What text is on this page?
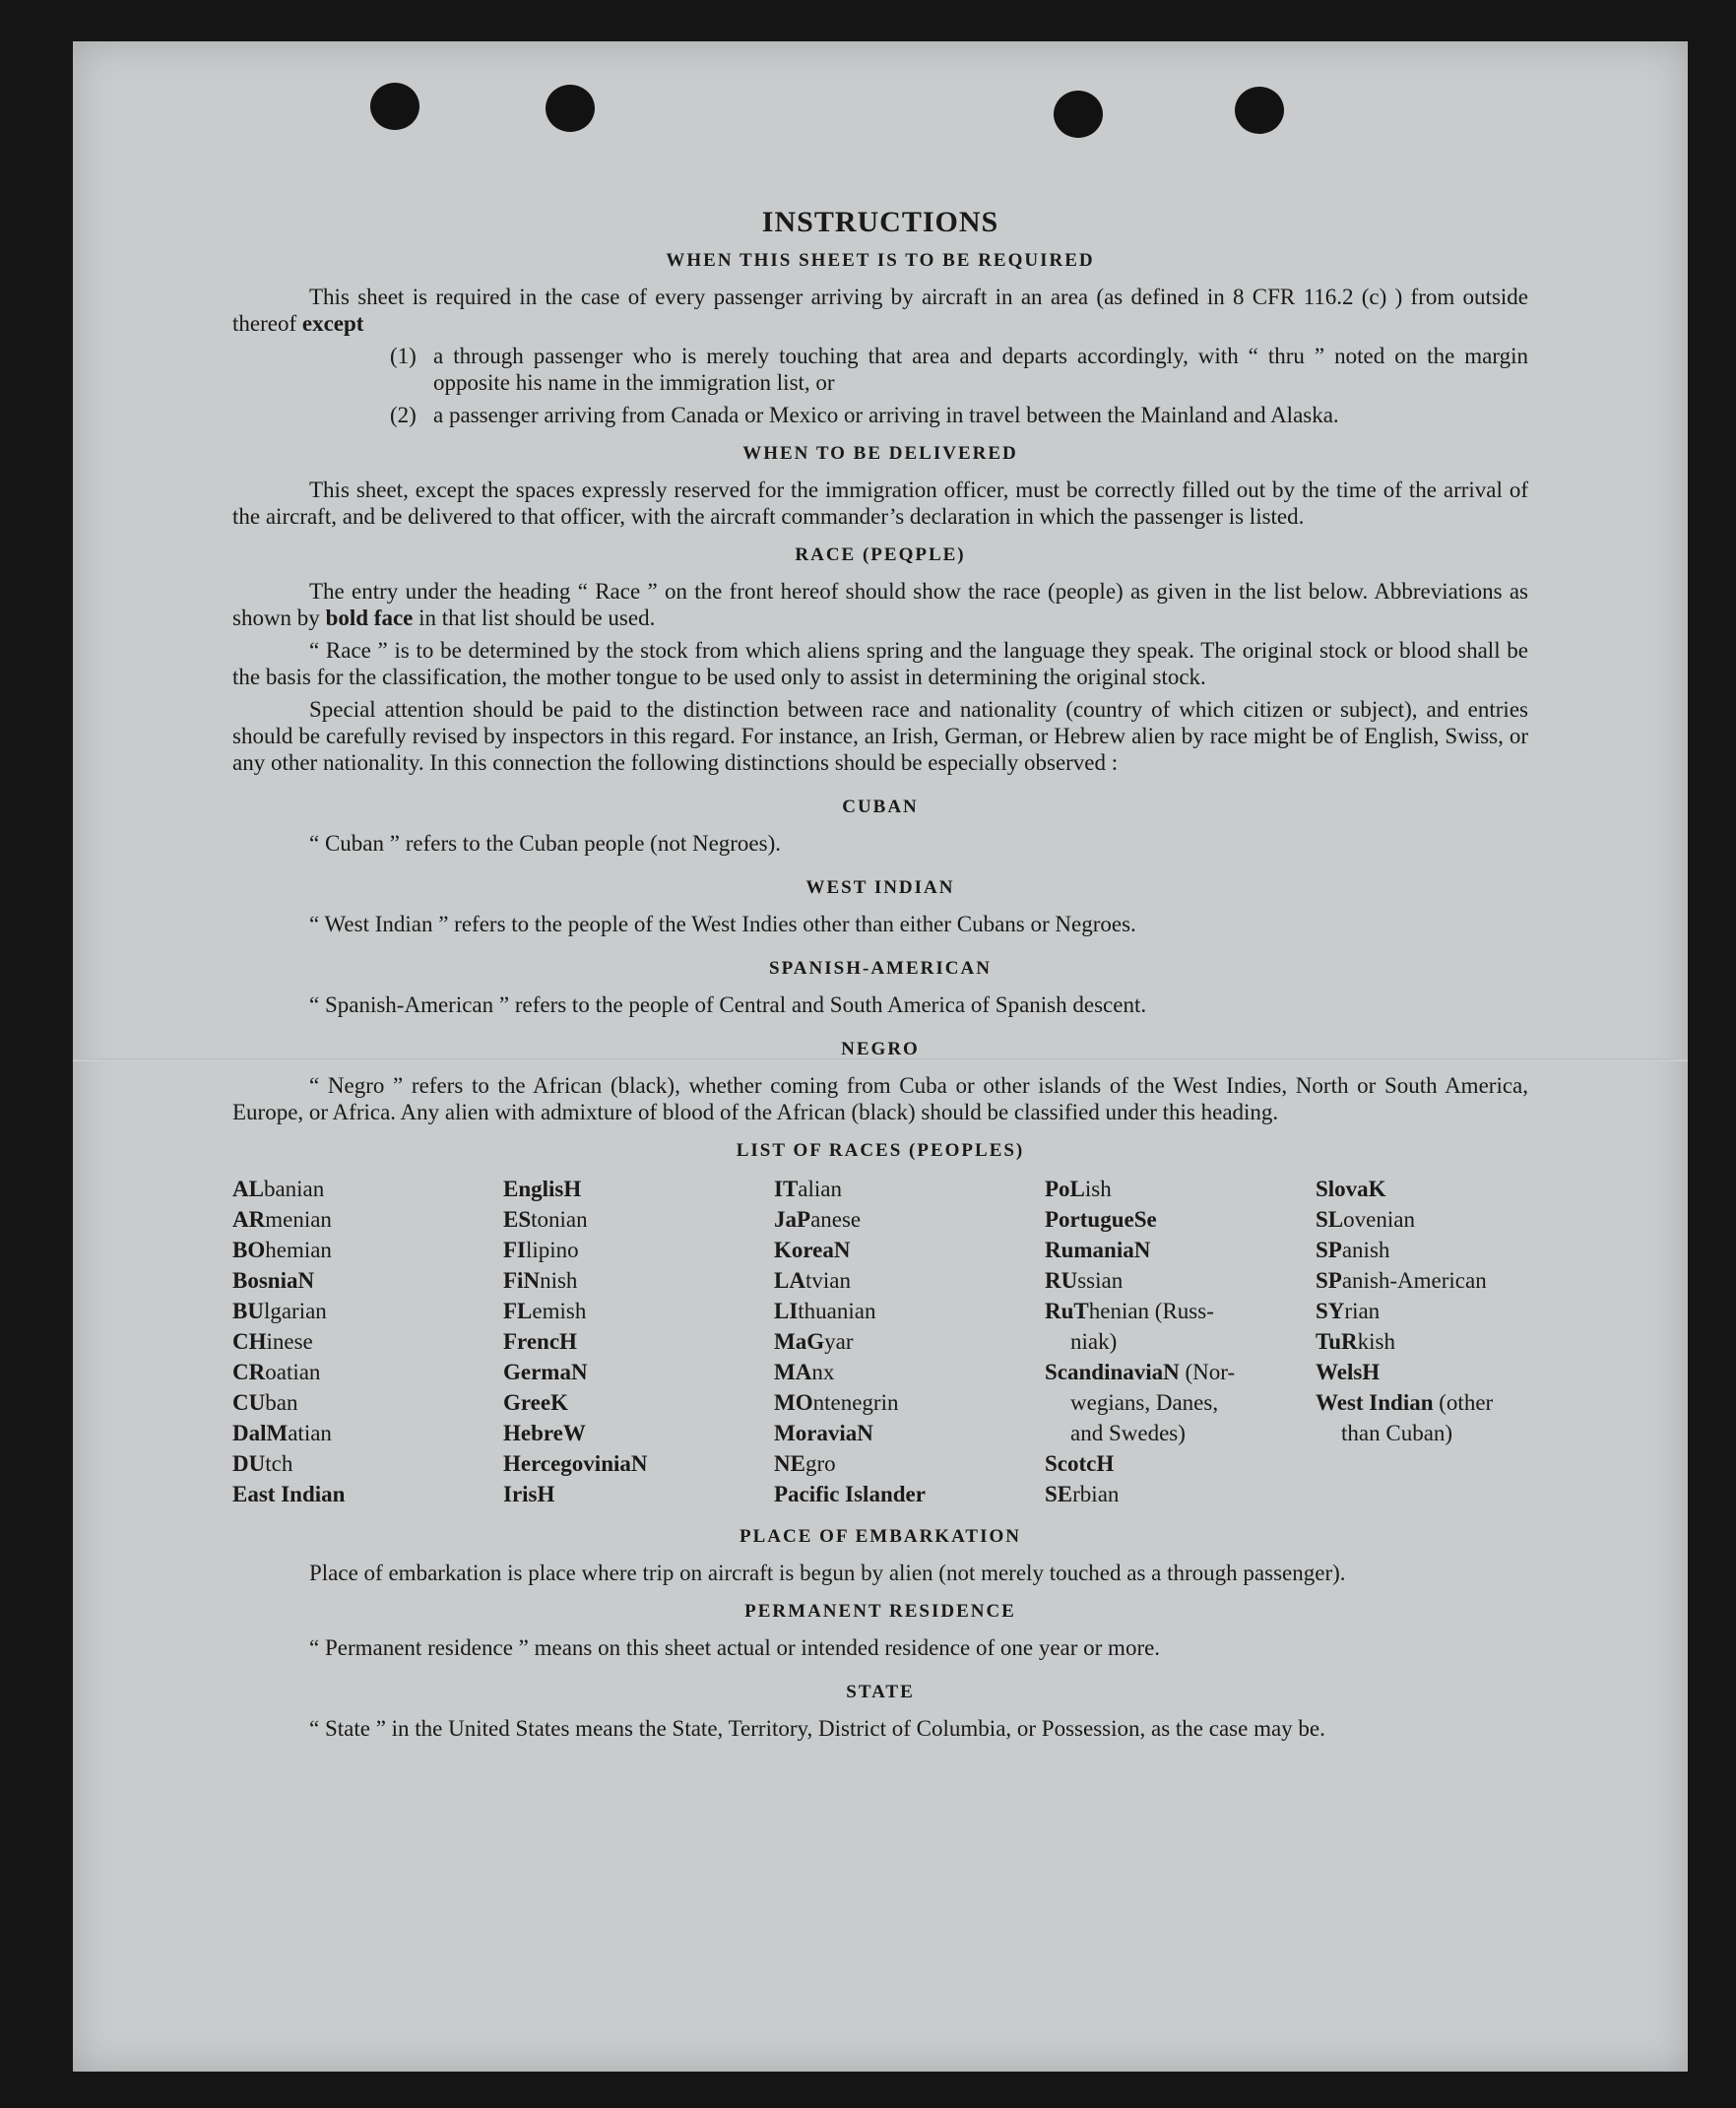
INSTRUCTIONS
WHEN THIS SHEET IS TO BE REQUIRED

This sheet is required in the case of every passenger arriving by aircraft in an area (as defined in 8 CFR 116.2 (c) ) from outside thereof except

(1) a through passenger who is merely touching that area and departs accordingly, with “ thru ” noted on the margin opposite his name in the immigration list, or
(2) a passenger arriving from Canada or Mexico or arriving in travel between the Mainland and Alaska.
WHEN TO BE DELIVERED

This sheet, except the spaces expressly reserved for the immigration officer, must be correctly filled out by the time of the arrival of the aircraft, and be delivered to that officer, with the aircraft commander’s declaration in which the passenger is listed.

RACE (PEQPLE)

The entry under the heading “ Race ” on the front hereof should show the race (people) as given in the list below. Abbreviations as shown by bold face in that list should be used.

“ Race ” is to be determined by the stock from which aliens spring and the language they speak. The original stock or blood shall be the basis for the classification, the mother tongue to be used only to assist in determining the original stock.

Special attention should be paid to the distinction between race and nationality (country of which citizen or subject), and entries should be carefully revised by inspectors in this regard. For instance, an Irish, German, or Hebrew alien by race might be of English, Swiss, or any other nationality. In this connection the following distinctions should be especially observed :

CUBAN

“ Cuban ” refers to the Cuban people (not Negroes).

WEST INDIAN

“ West Indian ” refers to the people of the West Indies other than either Cubans or Negroes.

SPANISH-AMERICAN

“ Spanish-American ” refers to the people of Central and South America of Spanish descent.

NEGRO

“ Negro ” refers to the African (black), whether coming from Cuba or other islands of the West Indies, North or South America, Europe, or Africa. Any alien with admixture of blood of the African (black) should be classified under this heading.

LIST OF RACES (PEOPLES)
ALbanian
ARmenian
BOhemian
BosniaN
BUlgarian
CHinese
CRoatian
CUban
DalMatian
DUtch
East Indian
EnglisH
EStonian
FIlipino
FiNnish
FLemish
FrencH
GermaN
GreeK
HebreW
HercegoviniaN
IrisH
ITalian
JaPanese
KoreaN
LAtvian
LIthuanian
MaGyar
MAnx
MOntenegrin
MoraviaN
NEgro
Pacific Islander
PoLish
PortugueSe
RumaniaN
RUssian
RuThenian (Russ-
niak)
ScandinaviaN (Nor-
wegians, Danes,
and Swedes)
ScotcH
SErbian
SlovaK
SLovenian
SPanish
SPanish-American
SYrian
TuRkish
WelsH
West Indian (other
than Cuban)
PLACE OF EMBARKATION

Place of embarkation is place where trip on aircraft is begun by alien (not merely touched as a through passenger).

PERMANENT RESIDENCE

“ Permanent residence ” means on this sheet actual or intended residence of one year or more.

STATE

“ State ” in the United States means the State, Territory, District of Columbia, or Possession, as the case may be.
